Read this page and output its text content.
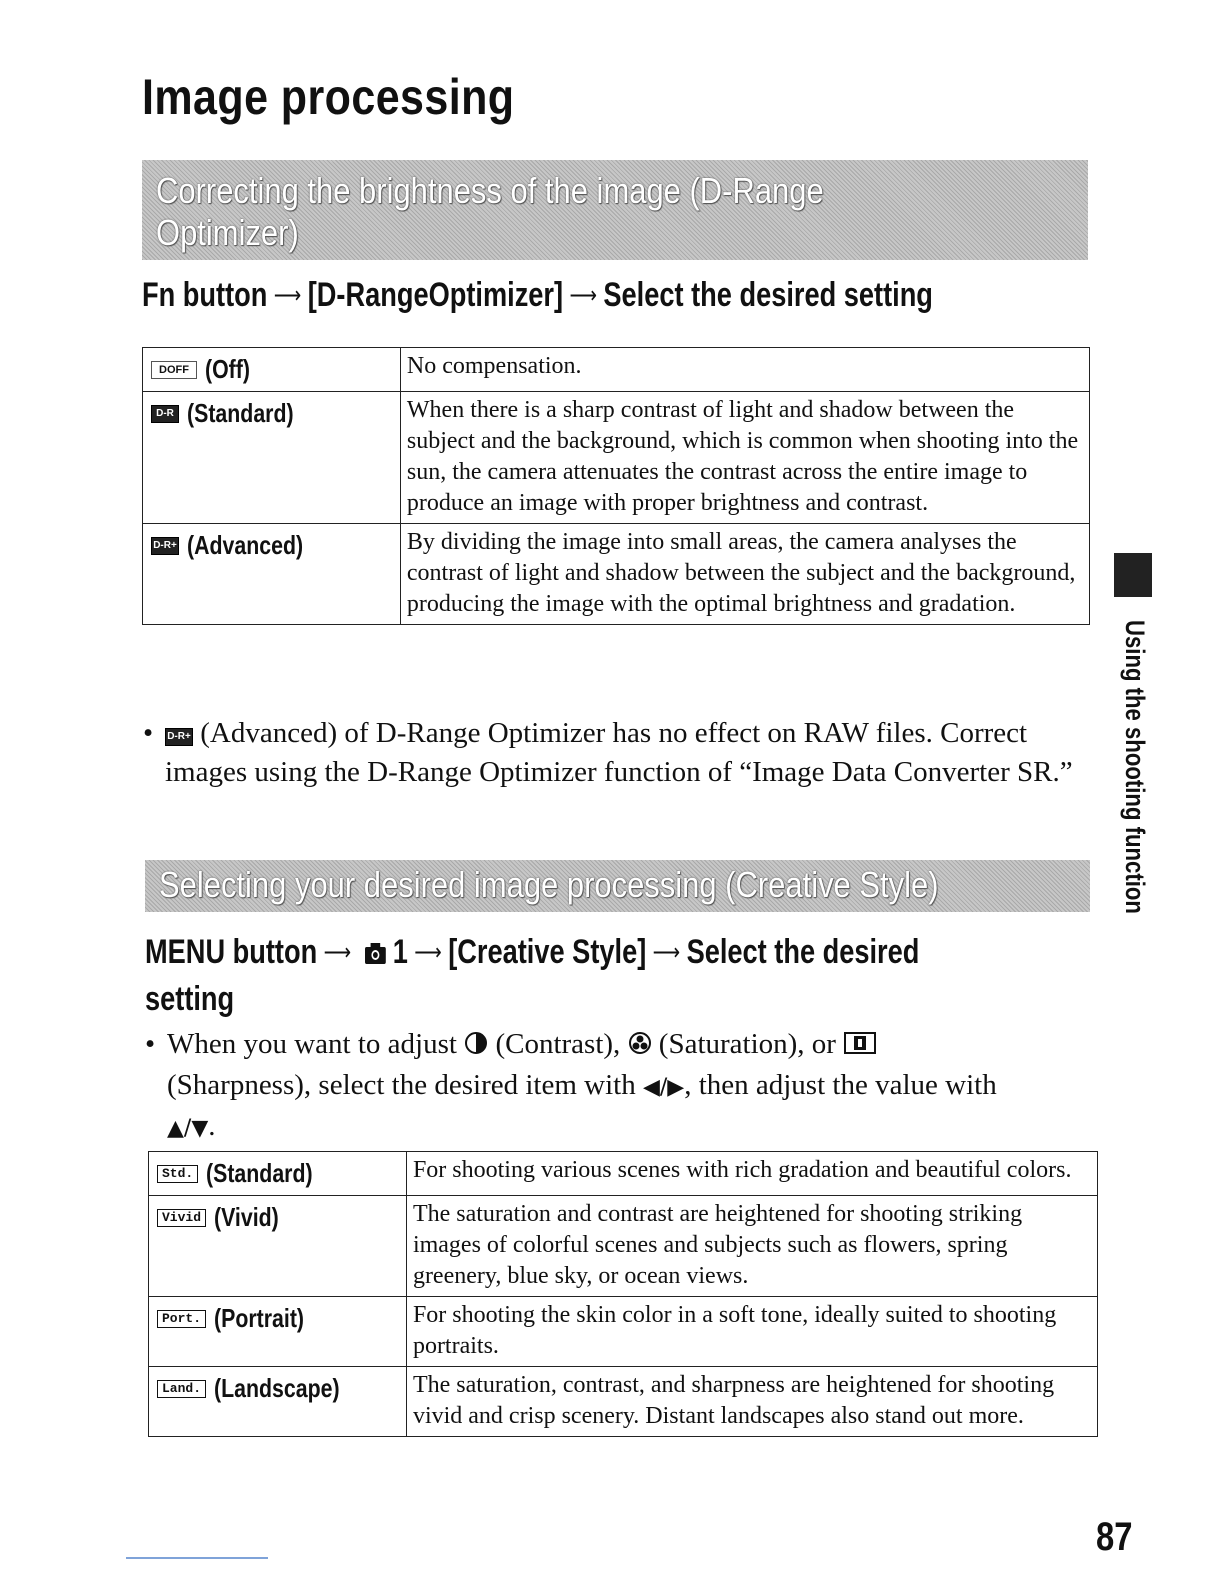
Image processing
Correcting the brightness of the image (D-Range Optimizer)
Fn button ⟶ [D-RangeOptimizer] ⟶ Select the desired setting
DOFF (Off)	No compensation.

D-R (Standard)	When there is a sharp contrast of light and shadow between the subject and the background, which is common when shooting into the sun, the camera attenuates the contrast across the entire image to produce an image with proper brightness and contrast.

D-R+ (Advanced)	By dividing the image into small areas, the camera analyses the contrast of light and shadow between the subject and the background, producing the image with the optimal brightness and gradation.
• D-R+ (Advanced) of D-Range Optimizer has no effect on RAW files. Correct images using the D-Range Optimizer function of “Image Data Converter SR.”
Selecting your desired image processing (Creative Style)
MENU button ⟶ 1 ⟶ [Creative Style] ⟶ Select the desired
setting
• When you want to adjust (Contrast), (Saturation), or
(Sharpness), select the desired item with ◀/▶, then adjust the value with
▲/▼.
Std. (Standard)	For shooting various scenes with rich gradation and beautiful colors.

Vivid (Vivid)	The saturation and contrast are heightened for shooting striking images of colorful scenes and subjects such as flowers, spring greenery, blue sky, or ocean views.

Port. (Portrait)	For shooting the skin color in a soft tone, ideally suited to shooting portraits.

Land. (Landscape)	The saturation, contrast, and sharpness are heightened for shooting vivid and crisp scenery. Distant landscapes also stand out more.
Using the shooting function
87
